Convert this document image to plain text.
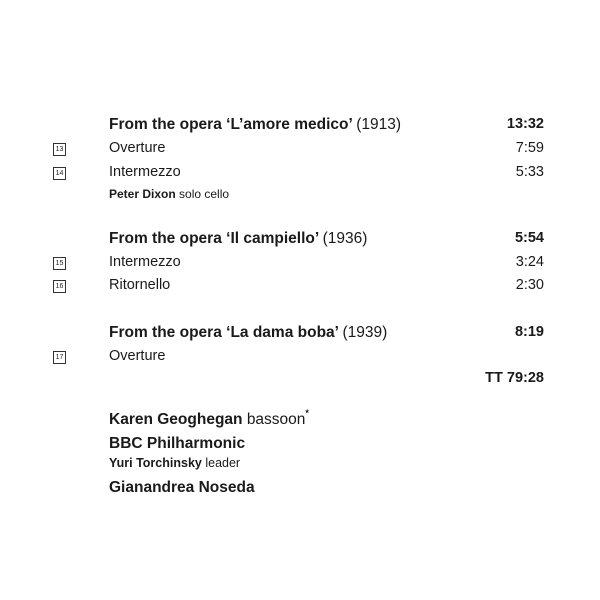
From the opera ‘L’amore medico’ (1913)	13:32
13	Overture	7:59
14	Intermezzo	5:33
Peter Dixon solo cello
From the opera ‘Il campiello’ (1936)	5:54
15	Intermezzo	3:24
16	Ritornello	2:30
From the opera ‘La dama boba’ (1939)	8:19
17	Overture
TT 79:28
Karen Geoghegan bassoon*
BBC Philharmonic
Yuri Torchinsky leader
Gianandrea Noseda
